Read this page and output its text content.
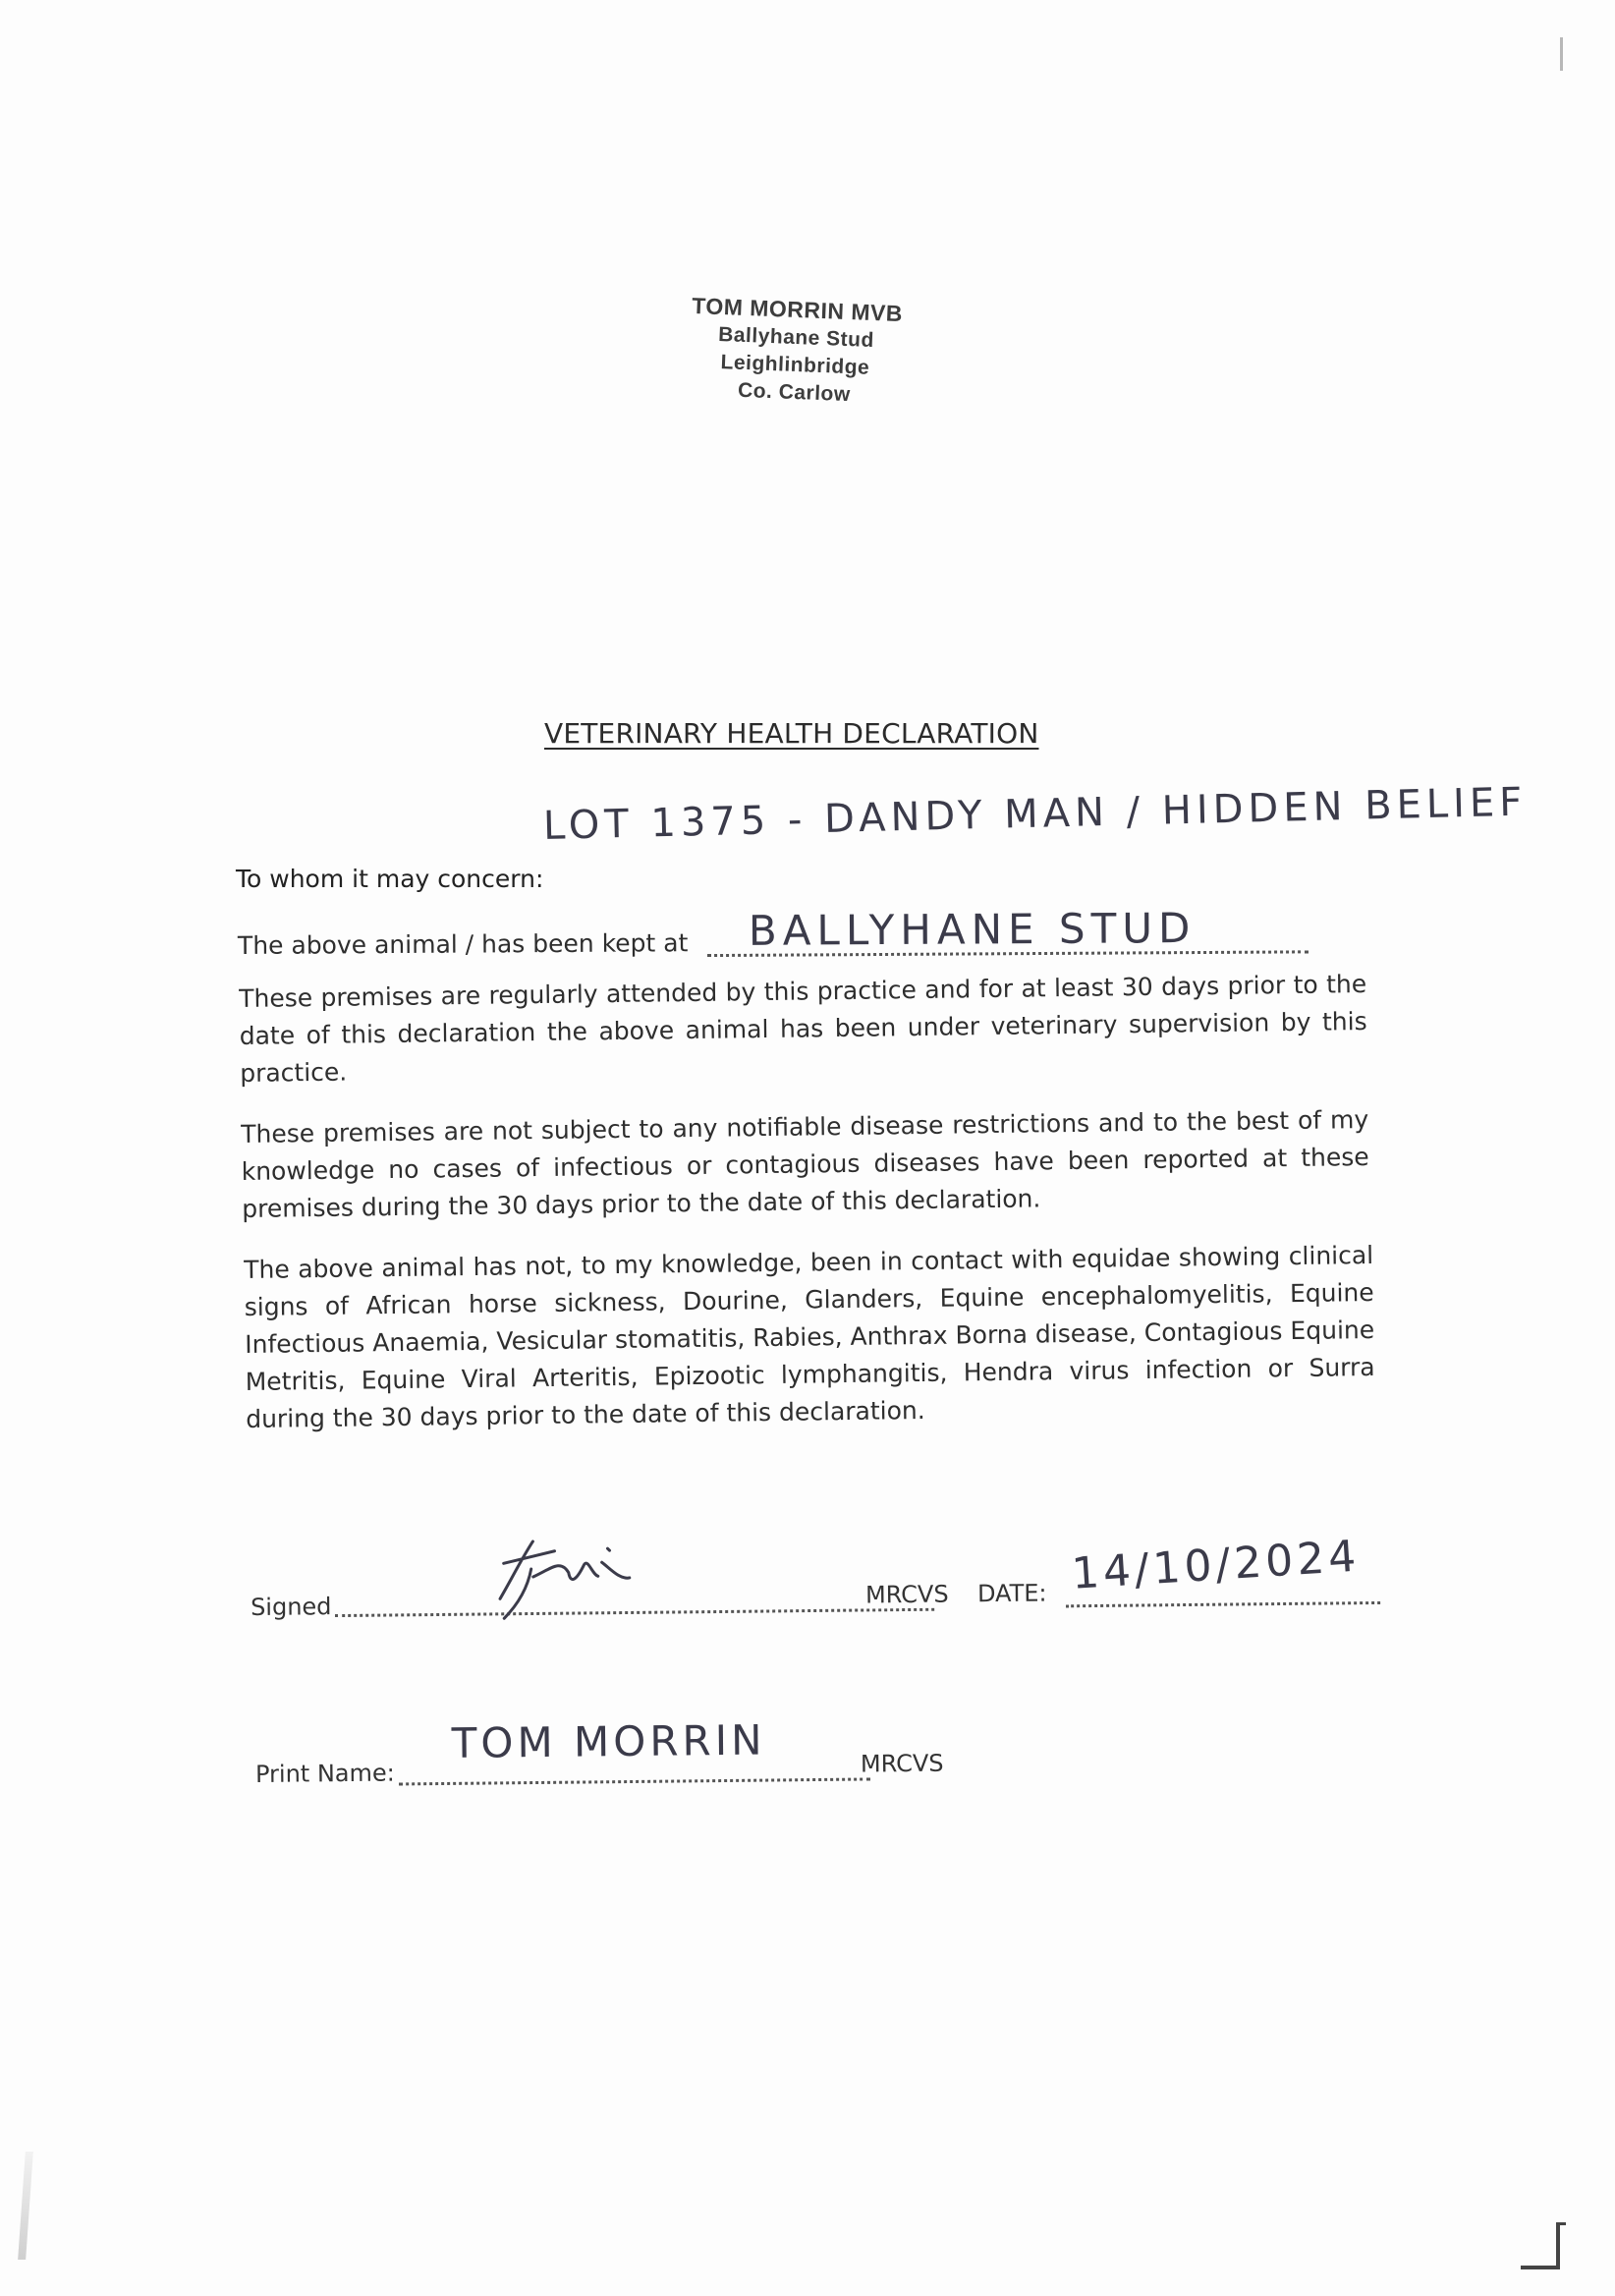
TOM MORRIN MVB
Ballyhane Stud
Leighlinbridge
Co. Carlow
VETERINARY HEALTH DECLARATION
LOT 1375 - DANDY MAN / HIDDEN BELIEF
To whom it may concern:
The above animal / has been kept at BALLYHANE STUD
These premises are regularly attended by this practice and for at least 30 days prior to the date of this declaration the above animal has been under veterinary supervision by this practice.
These premises are not subject to any notifiable disease restrictions and to the best of my knowledge no cases of infectious or contagious diseases have been reported at these premises during the 30 days prior to the date of this declaration.
The above animal has not, to my knowledge, been in contact with equidae showing clinical signs of African horse sickness, Dourine, Glanders, Equine encephalomyelitis, Equine Infectious Anaemia, Vesicular stomatitis, Rabies, Anthrax Borna disease, Contagious Equine Metritis, Equine Viral Arteritis, Epizootic lymphangitis, Hendra virus infection or Surra during the 30 days prior to the date of this declaration.
Signed	MRCVS DATE: 14/10/2024
Print Name:
TOM MORRIN	MRCVS
